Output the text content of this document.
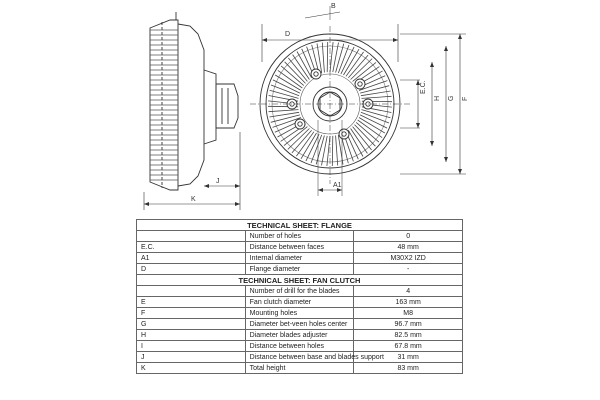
B
D
K
J
A1
E.C.
H G F
TECHNICAL SHEET: FLANGE		
	Number of holes	0
E.C.	Distance between faces	48 mm
A1	Internal diameter	M30X2 IZD
D	Flange diameter	-
TECHNICAL SHEET: FAN CLUTCH		
	Number of drill for the blades	4
E	Fan clutch diameter	163 mm
F	Mounting holes	M8
G	Diameter bet-veen holes center	96.7 mm
H	Diameter blades adjuster	82.5 mm
I	Distance between holes	67.8 mm
J	Distance between base and blades support	31 mm
K	Total height	83 mm
